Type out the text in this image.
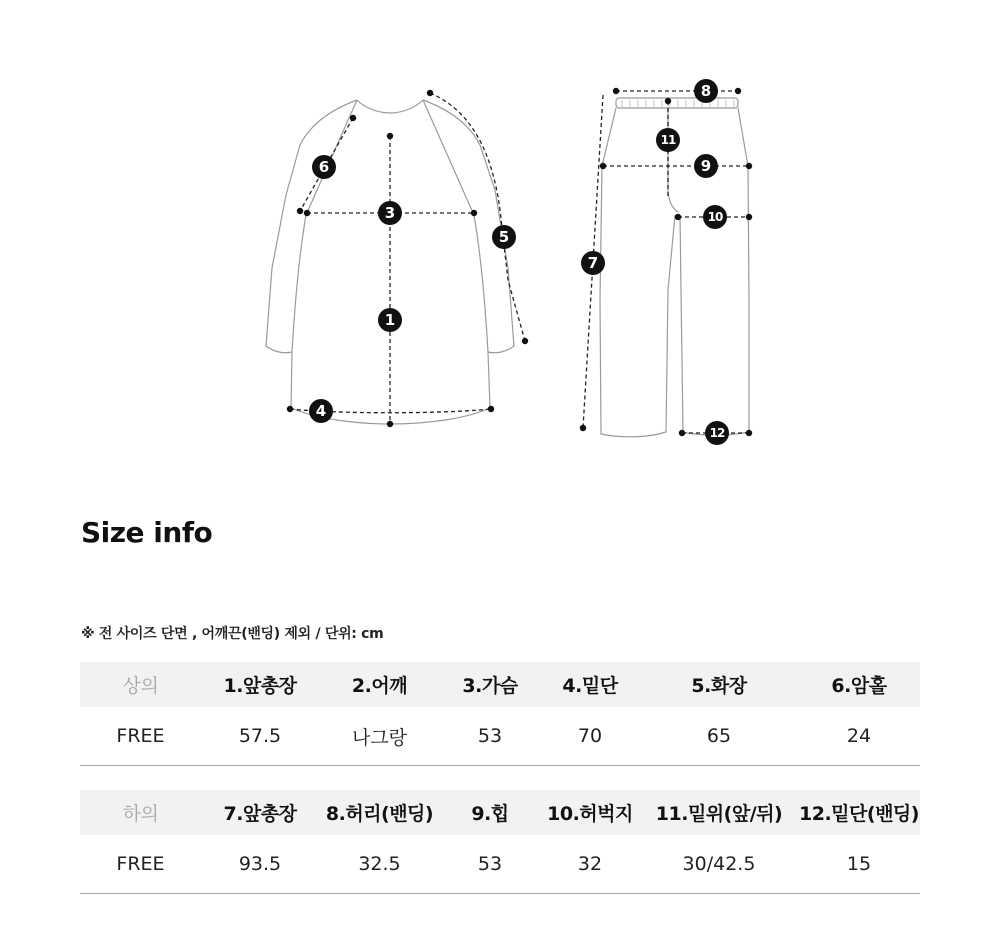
1
3
4
5
6
7
8
9
10
11
12
Size info
※ 전 사이즈 단면 , 어깨끈(밴딩) 제외 / 단위: cm
상의	1.앞총장	2.어깨	3.가슴	4.밑단	5.화장	6.암홀
FREE	57.5	나그랑	53	70	65	24
하의	7.앞총장	8.허리(밴딩)	9.힙	10.허벅지	11.밑위(앞/뒤)	12.밑단(밴딩)
FREE	93.5	32.5	53	32	30/42.5	15
